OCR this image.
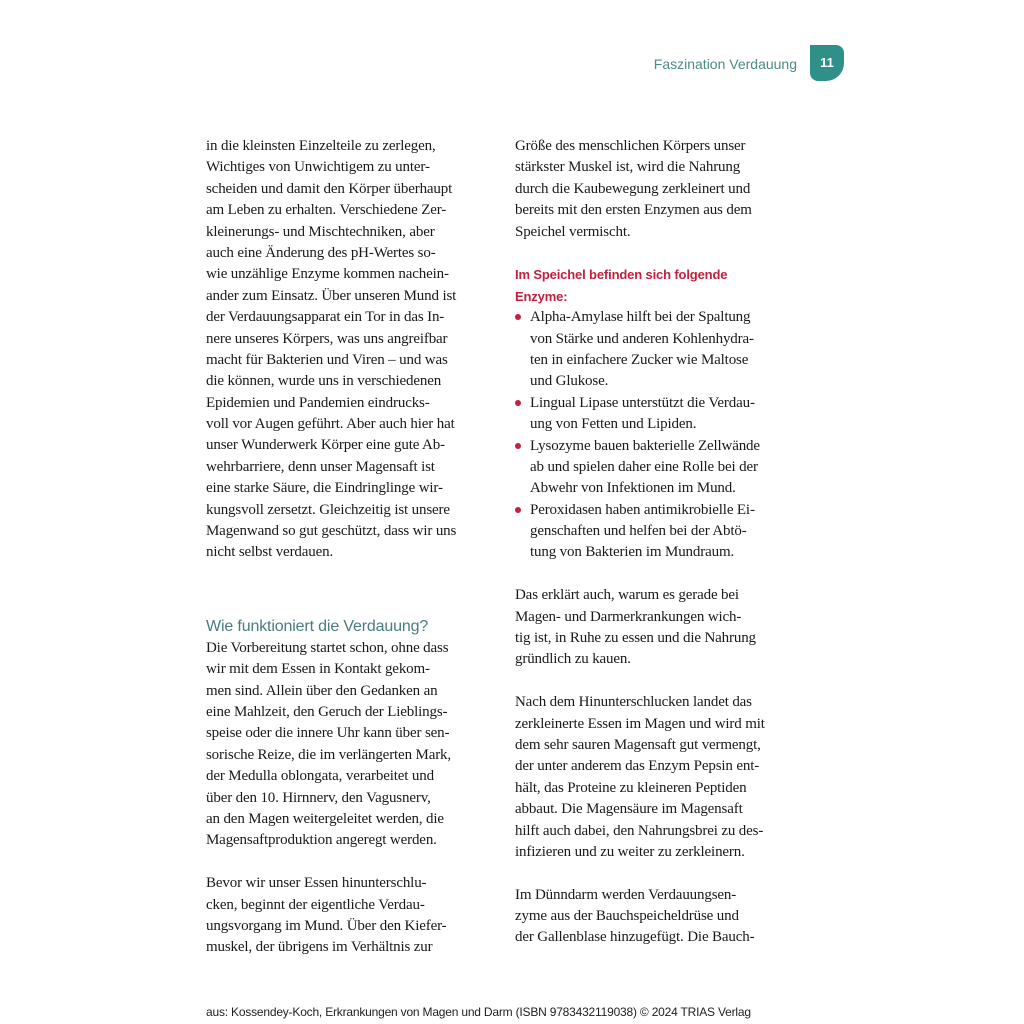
Faszination Verdauung	11
in die kleinsten Einzelteile zu zerlegen,
Wichtiges von Unwichtigem zu unter-
scheiden und damit den Körper überhaupt
am Leben zu erhalten. Verschiedene Zer-
kleinerungs- und Mischtechniken, aber
auch eine Änderung des pH-Wertes so-
wie unzählige Enzyme kommen nachein-
ander zum Einsatz. Über unseren Mund ist
der Verdauungsapparat ein Tor in das In-
nere unseres Körpers, was uns angreifbar
macht für Bakterien und Viren – und was
die können, wurde uns in verschiedenen
Epidemien und Pandemien eindrucks-
voll vor Augen geführt. Aber auch hier hat
unser Wunderwerk Körper eine gute Ab-
wehrbarriere, denn unser Magensaft ist
eine starke Säure, die Eindringlinge wir-
kungsvoll zersetzt. Gleichzeitig ist unsere
Magenwand so gut geschützt, dass wir uns
nicht selbst verdauen.
Wie funktioniert die Verdauung?
Die Vorbereitung startet schon, ohne dass
wir mit dem Essen in Kontakt gekom-
men sind. Allein über den Gedanken an
eine Mahlzeit, den Geruch der Lieblings-
speise oder die innere Uhr kann über sen-
sorische Reize, die im verlängerten Mark,
der Medulla oblongata, verarbeitet und
über den 10. Hirnnerv, den Vagusnerv,
an den Magen weitergeleitet werden, die
Magensaftproduktion angeregt werden.
Bevor wir unser Essen hinunterschlu-
cken, beginnt der eigentliche Verdau-
ungsvorgang im Mund. Über den Kiefer-
muskel, der übrigens im Verhältnis zur
Größe des menschlichen Körpers unser
stärkster Muskel ist, wird die Nahrung
durch die Kaubewegung zerkleinert und
bereits mit den ersten Enzymen aus dem
Speichel vermischt.
Im Speichel befinden sich folgende
Enzyme:
Alpha-Amylase hilft bei der Spaltung
von Stärke und anderen Kohlenhydra-
ten in einfachere Zucker wie Maltose
und Glukose.
Lingual Lipase unterstützt die Verdau-
ung von Fetten und Lipiden.
Lysozyme bauen bakterielle Zellwände
ab und spielen daher eine Rolle bei der
Abwehr von Infektionen im Mund.
Peroxidasen haben antimikrobielle Ei-
genschaften und helfen bei der Abtö-
tung von Bakterien im Mundraum.
Das erklärt auch, warum es gerade bei
Magen- und Darmerkrankungen wich-
tig ist, in Ruhe zu essen und die Nahrung
gründlich zu kauen.
Nach dem Hinunterschlucken landet das
zerkleinerte Essen im Magen und wird mit
dem sehr sauren Magensaft gut vermengt,
der unter anderem das Enzym Pepsin ent-
hält, das Proteine zu kleineren Peptiden
abbaut. Die Magensäure im Magensaft
hilft auch dabei, den Nahrungsbrei zu des-
infizieren und zu weiter zu zerkleinern.
Im Dünndarm werden Verdauungsen-
zyme aus der Bauchspeicheldrüse und
der Gallenblase hinzugefügt. Die Bauch-
aus: Kossendey-Koch, Erkrankungen von Magen und Darm (ISBN 9783432119038) © 2024 TRIAS Verlag
